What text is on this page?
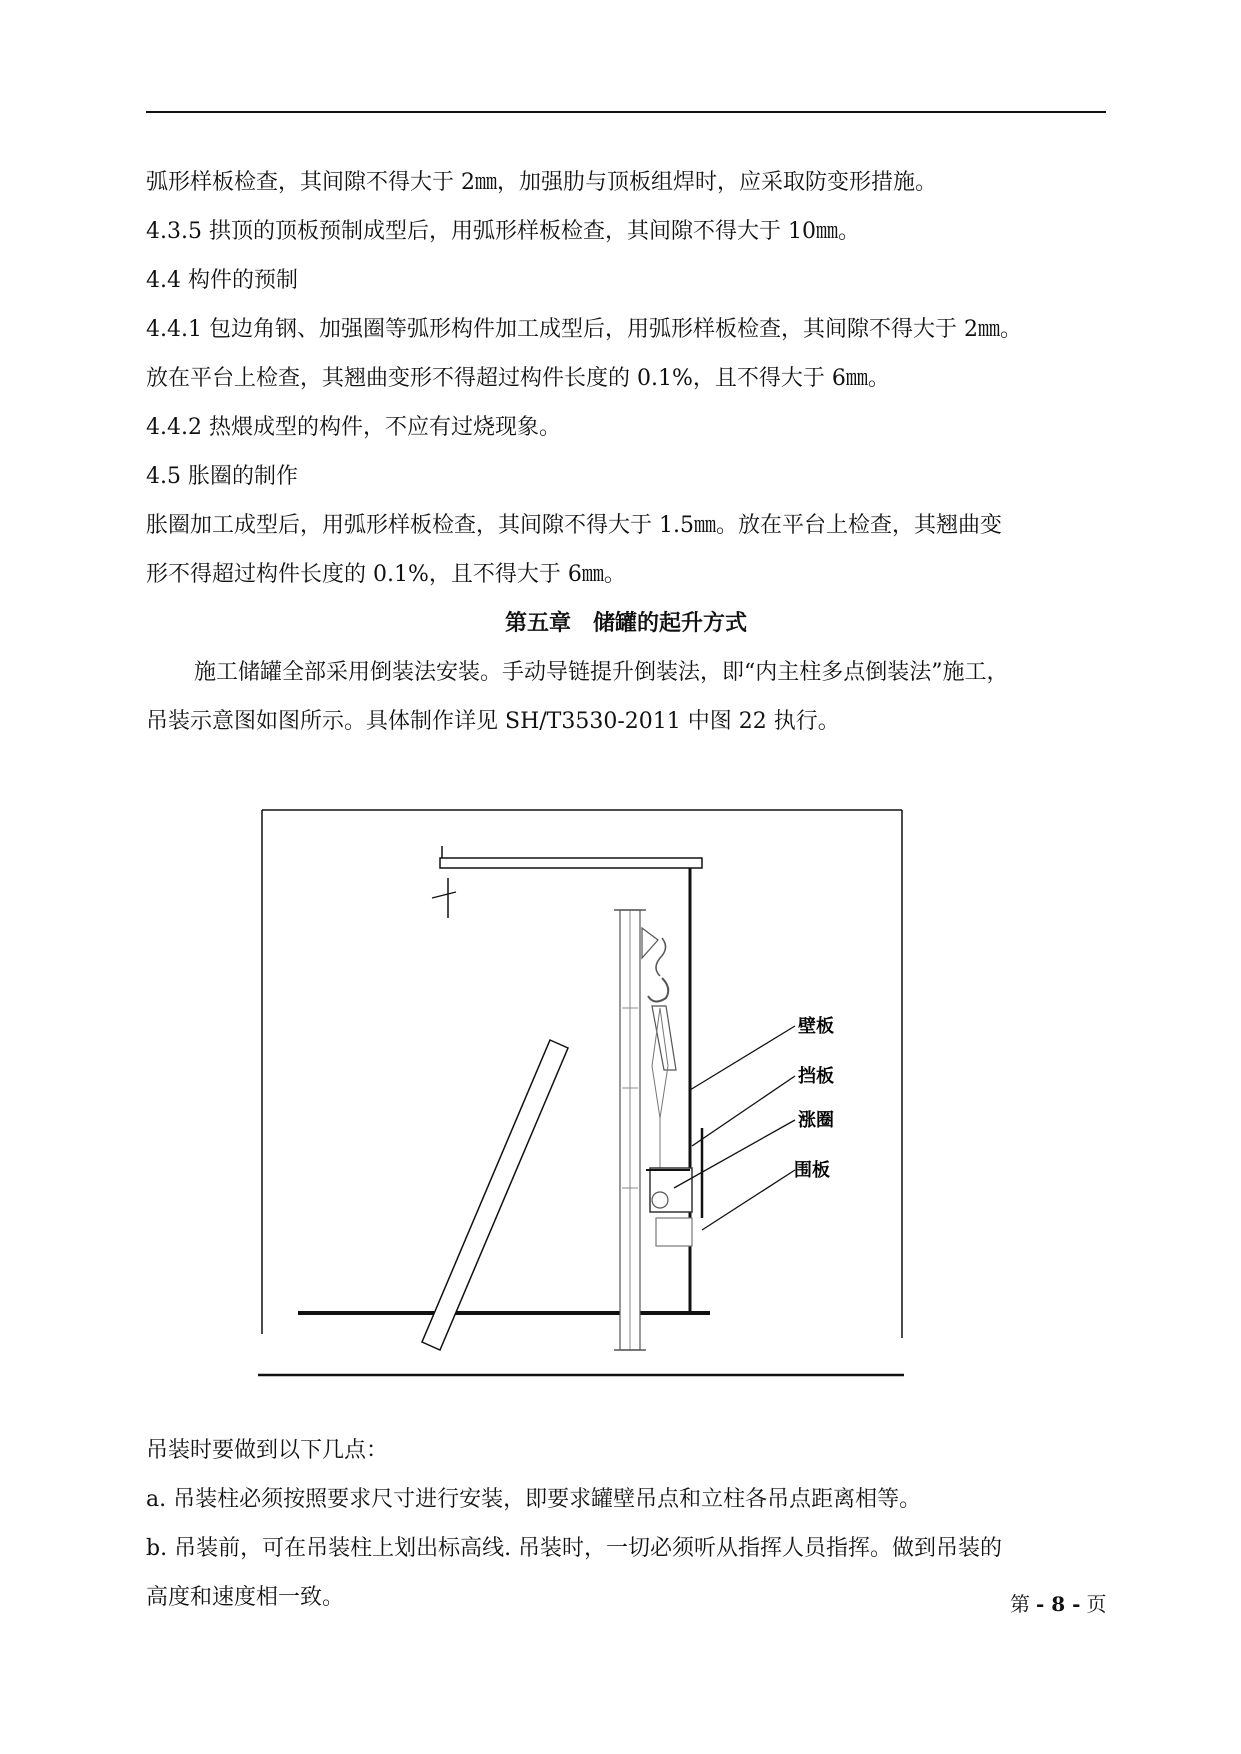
弧形样板检查，其间隙不得大于 2㎜，加强肋与顶板组焊时，应采取防变形措施。

4.3.5 拱顶的顶板预制成型后，用弧形样板检查，其间隙不得大于 10㎜。

4.4 构件的预制

4.4.1 包边角钢、加强圈等弧形构件加工成型后，用弧形样板检查，其间隙不得大于 2㎜。

放在平台上检查，其翘曲变形不得超过构件长度的 0.1%，且不得大于 6㎜。

4.4.2 热煨成型的构件，不应有过烧现象。

4.5 胀圈的制作

胀圈加工成型后，用弧形样板检查，其间隙不得大于 1.5㎜。放在平台上检查，其翘曲变

形不得超过构件长度的 0.1%，且不得大于 6㎜。

第五章　储罐的起升方式

施工储罐全部采用倒装法安装。手动导链提升倒装法，即“内主柱多点倒装法”施工，

吊装示意图如图所示。具体制作详见 SH/T3530-2011 中图 22 执行。

壁板
挡板
涨圈
围板

吊装时要做到以下几点：

a. 吊装柱必须按照要求尺寸进行安装，即要求罐壁吊点和立柱各吊点距离相等。

b. 吊装前，可在吊装柱上划出标高线. 吊装时，一切必须听从指挥人员指挥。做到吊装的

高度和速度相一致。	第 - 8 - 页
